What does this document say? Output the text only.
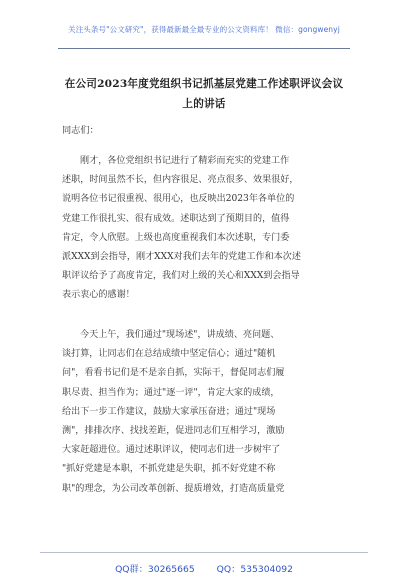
关注头条号"公文研究"，获得最新最全最专业的公文资料库！ 微信：gongwenyj
在公司2023年度党组织书记抓基层党建工作述职评议会议
上的讲话
同志们：
刚才，各位党组织书记进行了精彩而充实的党建工作
述职，时间虽然不长，但内容很足、亮点很多、效果很好，
说明各位书记很重视、很用心，也反映出2023年各单位的
党建工作很扎实、很有成效。述职达到了预期目的，值得
肯定，令人欣慰。上级也高度重视我们本次述职，专门委
派XXX到会指导，刚才XXX对我们去年的党建工作和本次述
职评议给予了高度肯定，我们对上级的关心和XXX到会指导
表示衷心的感谢！
今天上午，我们通过"现场述"，讲成绩、亮问题、
谈打算，让同志们在总结成绩中坚定信心；通过"随机
问"，看看书记们是不是亲自抓，实际干，督促同志们履
职尽责、担当作为；通过"逐一评"，肯定大家的成绩，
给出下一步工作建议，鼓励大家承压奋进；通过"现场
测"，排排次序、找找差距，促进同志们互相学习，激励
大家赶超进位。通过述职评议，使同志们进一步树牢了
"抓好党建是本职，不抓党建是失职，抓不好党建不称
职"的理念，为公司改革创新、提质增效，打造高质量党
QQ群：30265665 QQ：535304092
